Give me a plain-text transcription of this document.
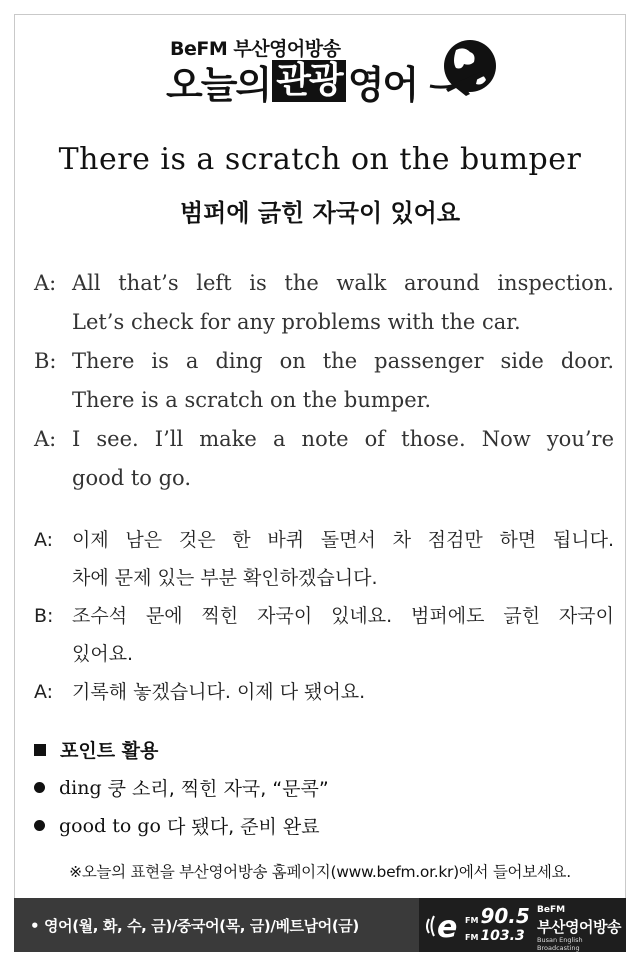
BeFM 부산영어방송
오늘의 관광 영어
There is a scratch on the bumper
범퍼에 긁힌 자국이 있어요
A: All that’s left is the walk around inspection.
Let’s check for any problems with the car.
B: There is a ding on the passenger side door.
There is a scratch on the bumper.
A: I see. I’ll make a note of those. Now you’re
good to go.
A: 이제 남은 것은 한 바퀴 돌면서 차 점검만 하면 됩니다.
차에 문제 있는 부분 확인하겠습니다.
B: 조수석 문에 찍힌 자국이 있네요. 범퍼에도 긁힌 자국이
있어요.
A: 기록해 놓겠습니다. 이제 다 됐어요.
포인트 활용
ding 쿵 소리, 찍힌 자국, “문콕”
good to go 다 됐다, 준비 완료
※오늘의 표현을 부산영어방송 홈페이지(www.befm.or.kr)에서 들어보세요.
• 영어(월, 화, 수, 금)/중국어(목, 금)/베트남어(금)	e FM 90.5
FM 103.3
BeFM
부산영어방송
Busan English Broadcasting
